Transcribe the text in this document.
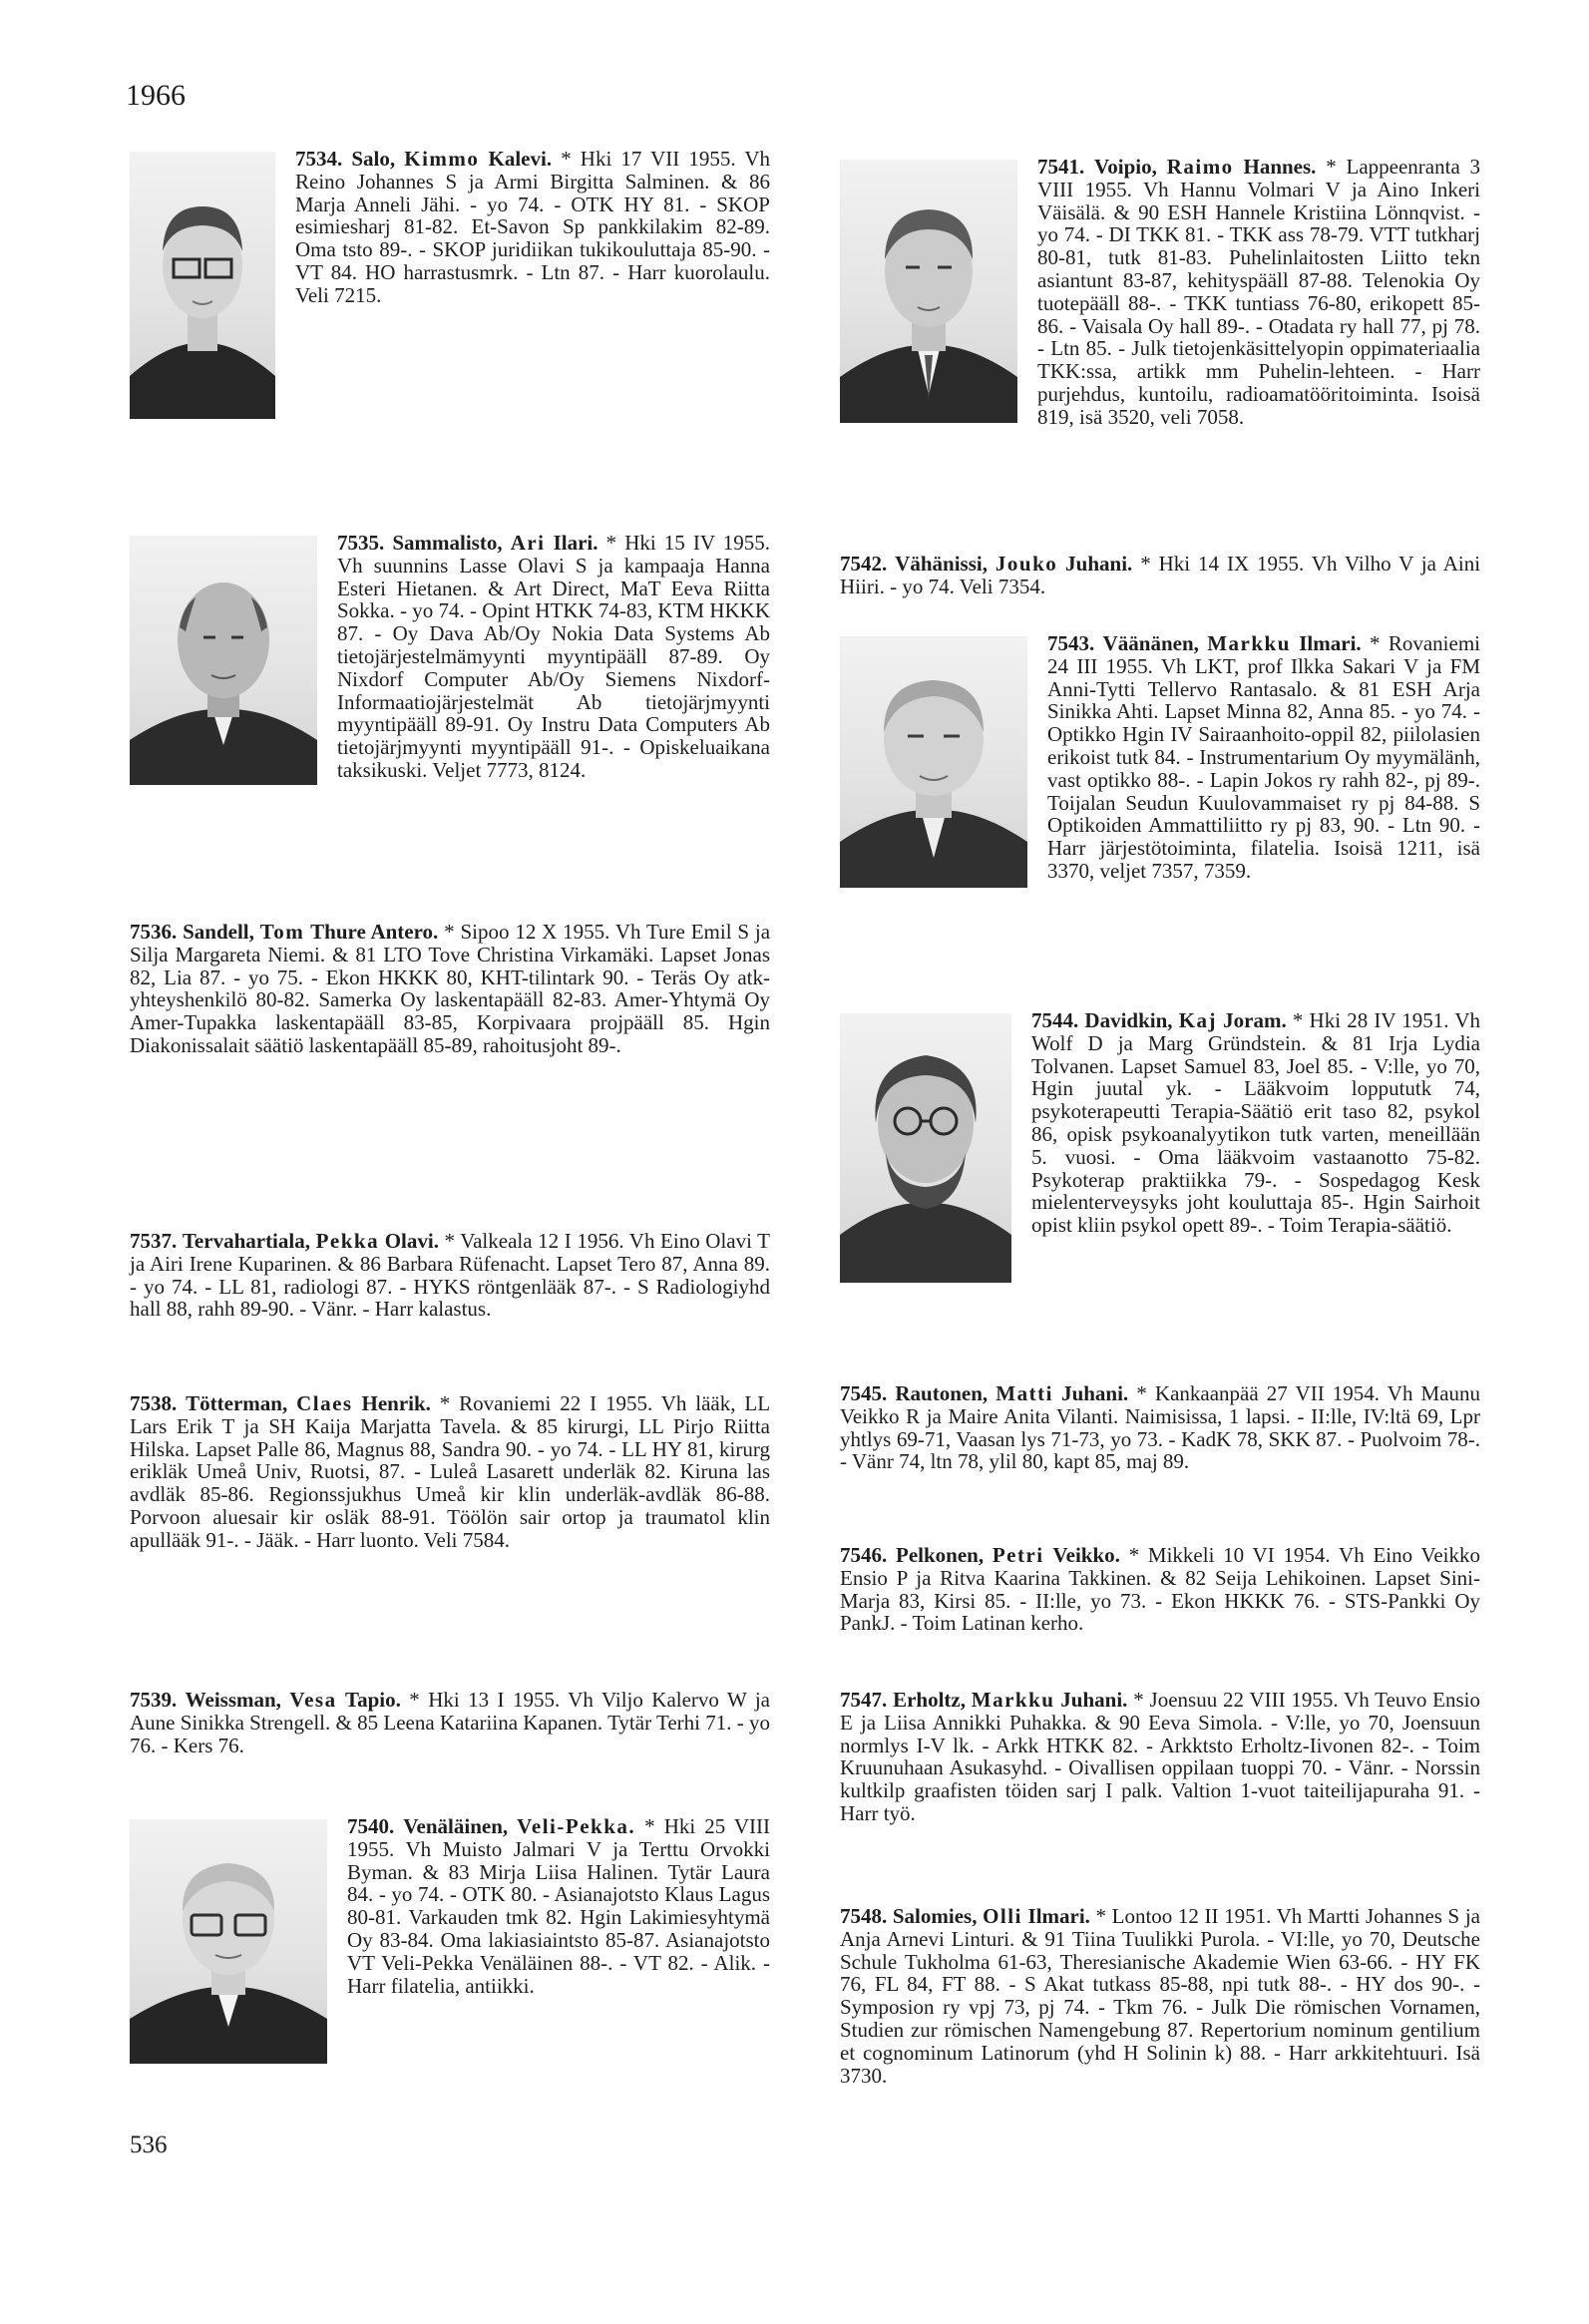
1966

7534. Salo, Kimmo Kalevi. * Hki 17 VII 1955. Vh Reino Johannes S ja Armi Birgitta Salminen. & 86 Marja Anneli Jähi. - yo 74. - OTK HY 81. - SKOP esimiesharj 81-82. Et-Savon Sp pankkilakim 82-89. Oma tsto 89-. - SKOP juridiikan tukikouluttaja 85-90. - VT 84. HO harrastusmrk. - Ltn 87. - Harr kuorolaulu. Veli 7215.

7535. Sammalisto, Ari Ilari. * Hki 15 IV 1955. Vh suunnins Lasse Olavi S ja kampaaja Hanna Esteri Hietanen. & Art Direct, MaT Eeva Riitta Sokka. - yo 74. - Opint HTKK 74-83, KTM HKKK 87. - Oy Dava Ab/Oy Nokia Data Systems Ab tietojärjestelmämyynti myyntipääll 87-89. Oy Nixdorf Computer Ab/Oy Siemens Nixdorf-Informaatiojärjestelmät Ab tietojärjmyynti myyntipääll 89-91. Oy Instru Data Computers Ab tietojärjmyynti myyntipääll 91-. - Opiskeluaikana taksikuski. Veljet 7773, 8124.

7536. Sandell, Tom Thure Antero. * Sipoo 12 X 1955. Vh Ture Emil S ja Silja Margareta Niemi. & 81 LTO Tove Christina Virkamäki. Lapset Jonas 82, Lia 87. - yo 75. - Ekon HKKK 80, KHT-tilintark 90. - Teräs Oy atk-yhteyshenkilö 80-82. Samerka Oy laskentapääll 82-83. Amer-Yhtymä Oy Amer-Tupakka laskentapääll 83-85, Korpivaara projpääll 85. Hgin Diakonissalait säätiö laskentapääll 85-89, rahoitusjoht 89-.

7537. Tervahartiala, Pekka Olavi. * Valkeala 12 I 1956. Vh Eino Olavi T ja Airi Irene Kuparinen. & 86 Barbara Rüfenacht. Lapset Tero 87, Anna 89. - yo 74. - LL 81, radiologi 87. - HYKS röntgenlääk 87-. - S Radiologiyhd hall 88, rahh 89-90. - Vänr. - Harr kalastus.

7538. Tötterman, Claes Henrik. * Rovaniemi 22 I 1955. Vh lääk, LL Lars Erik T ja SH Kaija Marjatta Tavela. & 85 kirurgi, LL Pirjo Riitta Hilska. Lapset Palle 86, Magnus 88, Sandra 90. - yo 74. - LL HY 81, kirurg erikläk Umeå Univ, Ruotsi, 87. - Luleå Lasarett underläk 82. Kiruna las avdläk 85-86. Regionssjukhus Umeå kir klin underläk-avdläk 86-88. Porvoon aluesair kir osläk 88-91. Töölön sair ortop ja traumatol klin apullääk 91-. - Jääk. - Harr luonto. Veli 7584.

7539. Weissman, Vesa Tapio. * Hki 13 I 1955. Vh Viljo Kalervo W ja Aune Sinikka Strengell. & 85 Leena Katariina Kapanen. Tytär Terhi 71. - yo 76. - Kers 76.

7540. Venäläinen, Veli-Pekka. * Hki 25 VIII 1955. Vh Muisto Jalmari V ja Terttu Orvokki Byman. & 83 Mirja Liisa Halinen. Tytär Laura 84. - yo 74. - OTK 80. - Asianajotsto Klaus Lagus 80-81. Varkauden tmk 82. Hgin Lakimiesyhtymä Oy 83-84. Oma lakiasiaintsto 85-87. Asianajotsto VT Veli-Pekka Venäläinen 88-. - VT 82. - Alik. - Harr filatelia, antiikki.

7541. Voipio, Raimo Hannes. * Lappeenranta 3 VIII 1955. Vh Hannu Volmari V ja Aino Inkeri Väisälä. & 90 ESH Hannele Kristiina Lönnqvist. - yo 74. - DI TKK 81. - TKK ass 78-79. VTT tutkharj 80-81, tutk 81-83. Puhelinlaitosten Liitto tekn asiantunt 83-87, kehityspääll 87-88. Telenokia Oy tuotepääll 88-. - TKK tuntiass 76-80, erikopett 85-86. - Vaisala Oy hall 89-. - Otadata ry hall 77, pj 78. - Ltn 85. - Julk tietojenkäsittelyopin oppimateriaalia TKK:ssa, artikk mm Puhelin-lehteen. - Harr purjehdus, kuntoilu, radioamatööritoiminta. Isoisä 819, isä 3520, veli 7058.

7542. Vähänissi, Jouko Juhani. * Hki 14 IX 1955. Vh Vilho V ja Aini Hiiri. - yo 74. Veli 7354.

7543. Väänänen, Markku Ilmari. * Rovaniemi 24 III 1955. Vh LKT, prof Ilkka Sakari V ja FM Anni-Tytti Tellervo Rantasalo. & 81 ESH Arja Sinikka Ahti. Lapset Minna 82, Anna 85. - yo 74. - Optikko Hgin IV Sairaanhoito-oppil 82, piilolasien erikoist tutk 84. - Instrumentarium Oy myymälänh, vast optikko 88-. - Lapin Jokos ry rahh 82-, pj 89-. Toijalan Seudun Kuulovammaiset ry pj 84-88. S Optikoiden Ammattiliitto ry pj 83, 90. - Ltn 90. - Harr järjestötoiminta, filatelia. Isoisä 1211, isä 3370, veljet 7357, 7359.

7544. Davidkin, Kaj Joram. * Hki 28 IV 1951. Vh Wolf D ja Marg Gründstein. & 81 Irja Lydia Tolvanen. Lapset Samuel 83, Joel 85. - V:lle, yo 70, Hgin juutal yk. - Lääkvoim loppututk 74, psykoterapeutti Terapia-Säätiö erit taso 82, psykol 86, opisk psykoanalyytikon tutk varten, meneillään 5. vuosi. - Oma lääkvoim vastaanotto 75-82. Psykoterap praktiikka 79-. - Sospedagog Kesk mielenterveysyks joht kouluttaja 85-. Hgin Sairhoit opist kliin psykol opett 89-. - Toim Terapia-säätiö.

7545. Rautonen, Matti Juhani. * Kankaanpää 27 VII 1954. Vh Maunu Veikko R ja Maire Anita Vilanti. Naimisissa, 1 lapsi. - II:lle, IV:ltä 69, Lpr yhtlys 69-71, Vaasan lys 71-73, yo 73. - KadK 78, SKK 87. - Puolvoim 78-. - Vänr 74, ltn 78, ylil 80, kapt 85, maj 89.

7546. Pelkonen, Petri Veikko. * Mikkeli 10 VI 1954. Vh Eino Veikko Ensio P ja Ritva Kaarina Takkinen. & 82 Seija Lehikoinen. Lapset Sini-Marja 83, Kirsi 85. - II:lle, yo 73. - Ekon HKKK 76. - STS-Pankki Oy PankJ. - Toim Latinan kerho.

7547. Erholtz, Markku Juhani. * Joensuu 22 VIII 1955. Vh Teuvo Ensio E ja Liisa Annikki Puhakka. & 90 Eeva Simola. - V:lle, yo 70, Joensuun normlys I-V lk. - Arkk HTKK 82. - Arkktsto Erholtz-Iivonen 82-. - Toim Kruunuhaan Asukasyhd. - Oivallisen oppilaan tuoppi 70. - Vänr. - Norssin kultkilp graafisten töiden sarj I palk. Valtion 1-vuot taiteilijapuraha 91. - Harr työ.

7548. Salomies, Olli Ilmari. * Lontoo 12 II 1951. Vh Martti Johannes S ja Anja Arnevi Linturi. & 91 Tiina Tuulikki Purola. - VI:lle, yo 70, Deutsche Schule Tukholma 61-63, Theresianische Akademie Wien 63-66. - HY FK 76, FL 84, FT 88. - S Akat tutkass 85-88, npi tutk 88-. - HY dos 90-. - Symposion ry vpj 73, pj 74. - Tkm 76. - Julk Die römischen Vornamen, Studien zur römischen Namengebung 87. Repertorium nominum gentilium et cognominum Latinorum (yhd H Solinin k) 88. - Harr arkkitehtuuri. Isä 3730.

536
